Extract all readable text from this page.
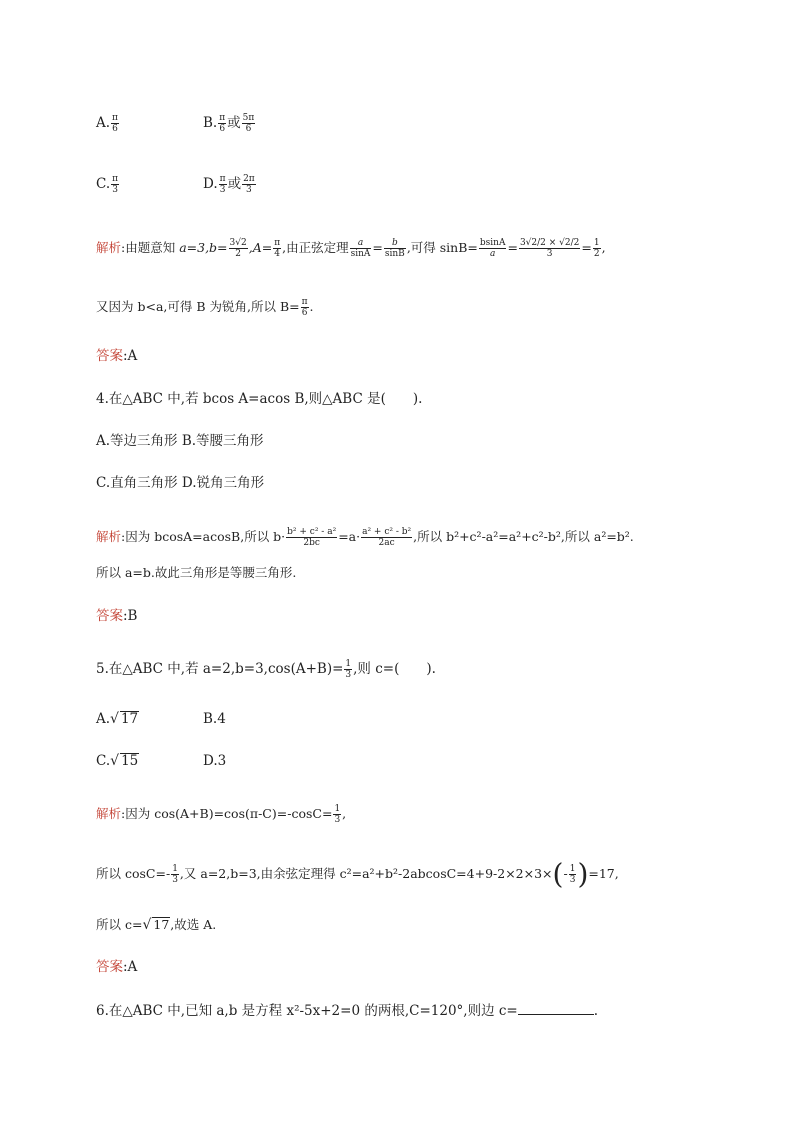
A. $\frac{\pi}{6}$	B. $\frac{\pi}{6}$ 或 $\frac{5\pi}{6}$
C. $\frac{\pi}{3}$	D. $\frac{\pi}{3}$ 或 $\frac{2\pi}{3}$
解析:由题意知 $a=3,b= \frac{3√2}{2} ,A= \frac{\pi}{4}$ ,由正弦定理 $\frac{a}{\sin A} = \frac{b}{\sin B}$ ,可得 $\sin B= \frac{bsinA}{a} = \frac{3√2/2 \times √2/2}{3} = \frac{1}{2}$ ,
又因为 b<a,可得 B 为锐角,所以 $B= \frac{\pi}{6}$ .
答案:A
4.在△ABC 中,若 bcos A=acos B,则△ABC 是(　　).
A.等边三角形 B.等腰三角形
C.直角三角形 D.锐角三角形
解析:因为 bcosA=acosB,所以 $b\cdot \frac{\text{b² + c² - a²}}{2bc} =a\cdot \frac{\text{a² + c² - b²}}{2ac}$ ,所以 b²+c²-a²=a²+c²-b²,所以 a²=b².
所以 a=b.故此三角形是等腰三角形.
答案:B
5.在△ABC 中,若 $a=2,b=3,\cos(A+B)= \frac{1}{3}$ ,则 c=(　　).
A.√ 17	B.4
C.√ 15	D.3
解析:因为 $\cos(A+B)=\cos(\pi-C)=-\cos C= \frac{1}{3}$ ,
所以 $\cos C=- \frac{1}{3}$ ,又 a=2,b=3,由余弦定理得 $c^2=a^2+b^2-2abcosC=4+9-2\times 2\times 3\times(- \frac{1}{3} )=17$,
所以 c=√ 17,故选 A.
答案:A
6.在△ABC 中,已知 a,b 是方程 x²-5x+2=0 的两根,C=120°,则边 c=	.
